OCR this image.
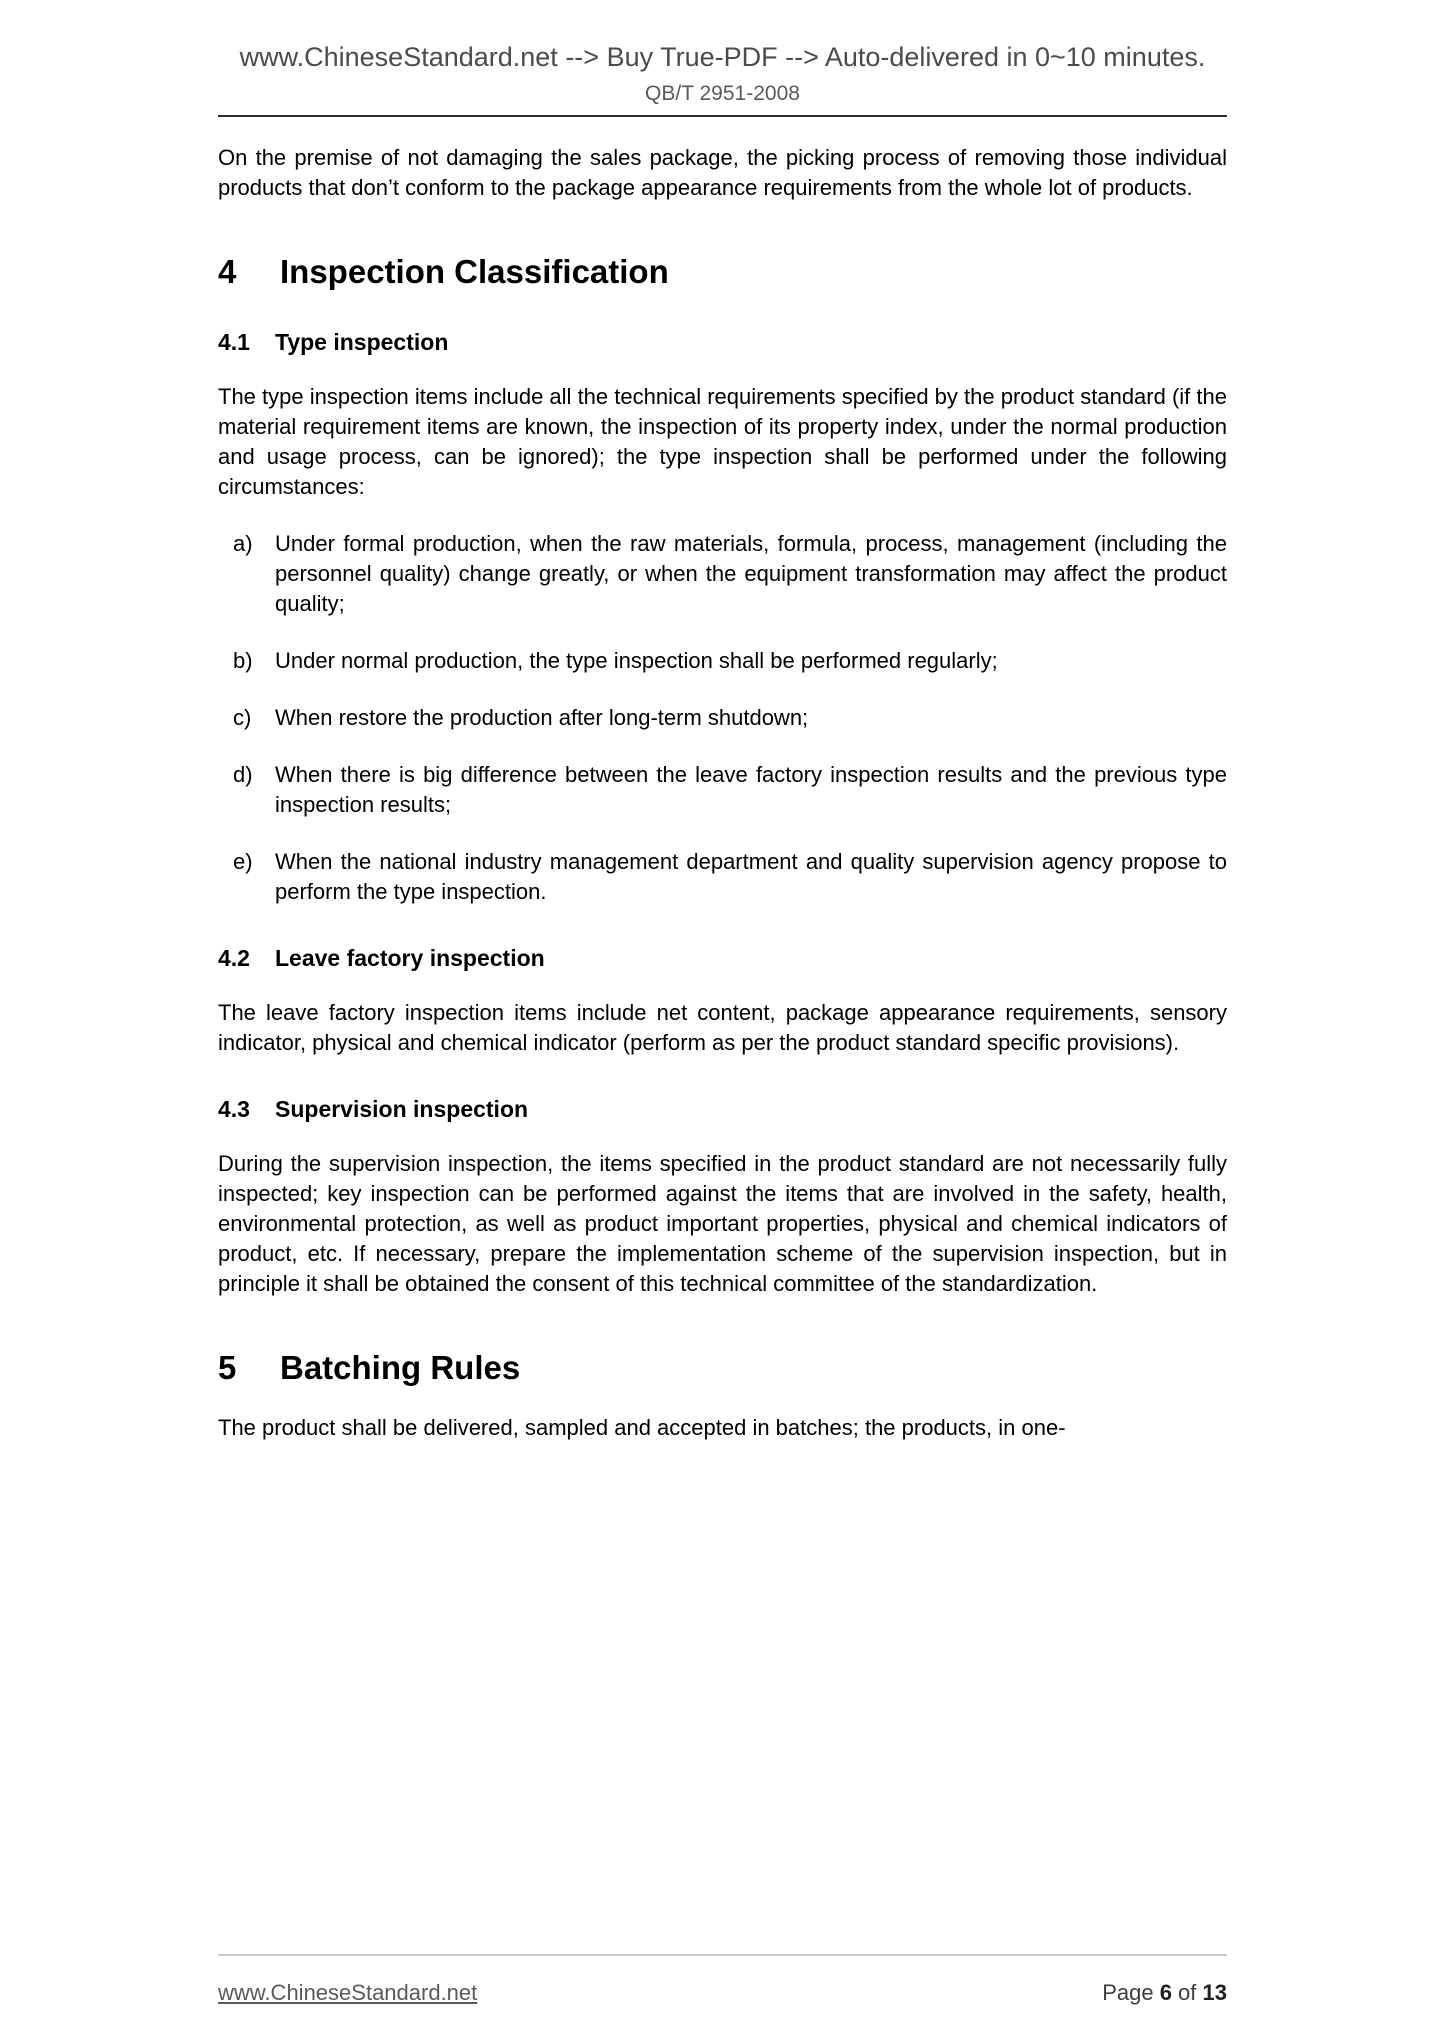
www.ChineseStandard.net --> Buy True-PDF --> Auto-delivered in 0~10 minutes.
QB/T 2951-2008

On the premise of not damaging the sales package, the picking process of removing those individual products that don’t conform to the package appearance requirements from the whole lot of products.

4 Inspection Classification
4.1 Type inspection

The type inspection items include all the technical requirements specified by the product standard (if the material requirement items are known, the inspection of its property index, under the normal production and usage process, can be ignored); the type inspection shall be performed under the following circumstances:

a) Under formal production, when the raw materials, formula, process, management (including the personnel quality) change greatly, or when the equipment transformation may affect the product quality;
b) Under normal production, the type inspection shall be performed regularly;
c) When restore the production after long-term shutdown;
d) When there is big difference between the leave factory inspection results and the previous type inspection results;
e) When the national industry management department and quality supervision agency propose to perform the type inspection.
4.2 Leave factory inspection

The leave factory inspection items include net content, package appearance requirements, sensory indicator, physical and chemical indicator (perform as per the product standard specific provisions).

4.3 Supervision inspection

During the supervision inspection, the items specified in the product standard are not necessarily fully inspected; key inspection can be performed against the items that are involved in the safety, health, environmental protection, as well as product important properties, physical and chemical indicators of product, etc. If necessary, prepare the implementation scheme of the supervision inspection, but in principle it shall be obtained the consent of this technical committee of the standardization.

5 Batching Rules

The product shall be delivered, sampled and accepted in batches; the products, in one-

www.ChineseStandard.net	Page 6 of 13
